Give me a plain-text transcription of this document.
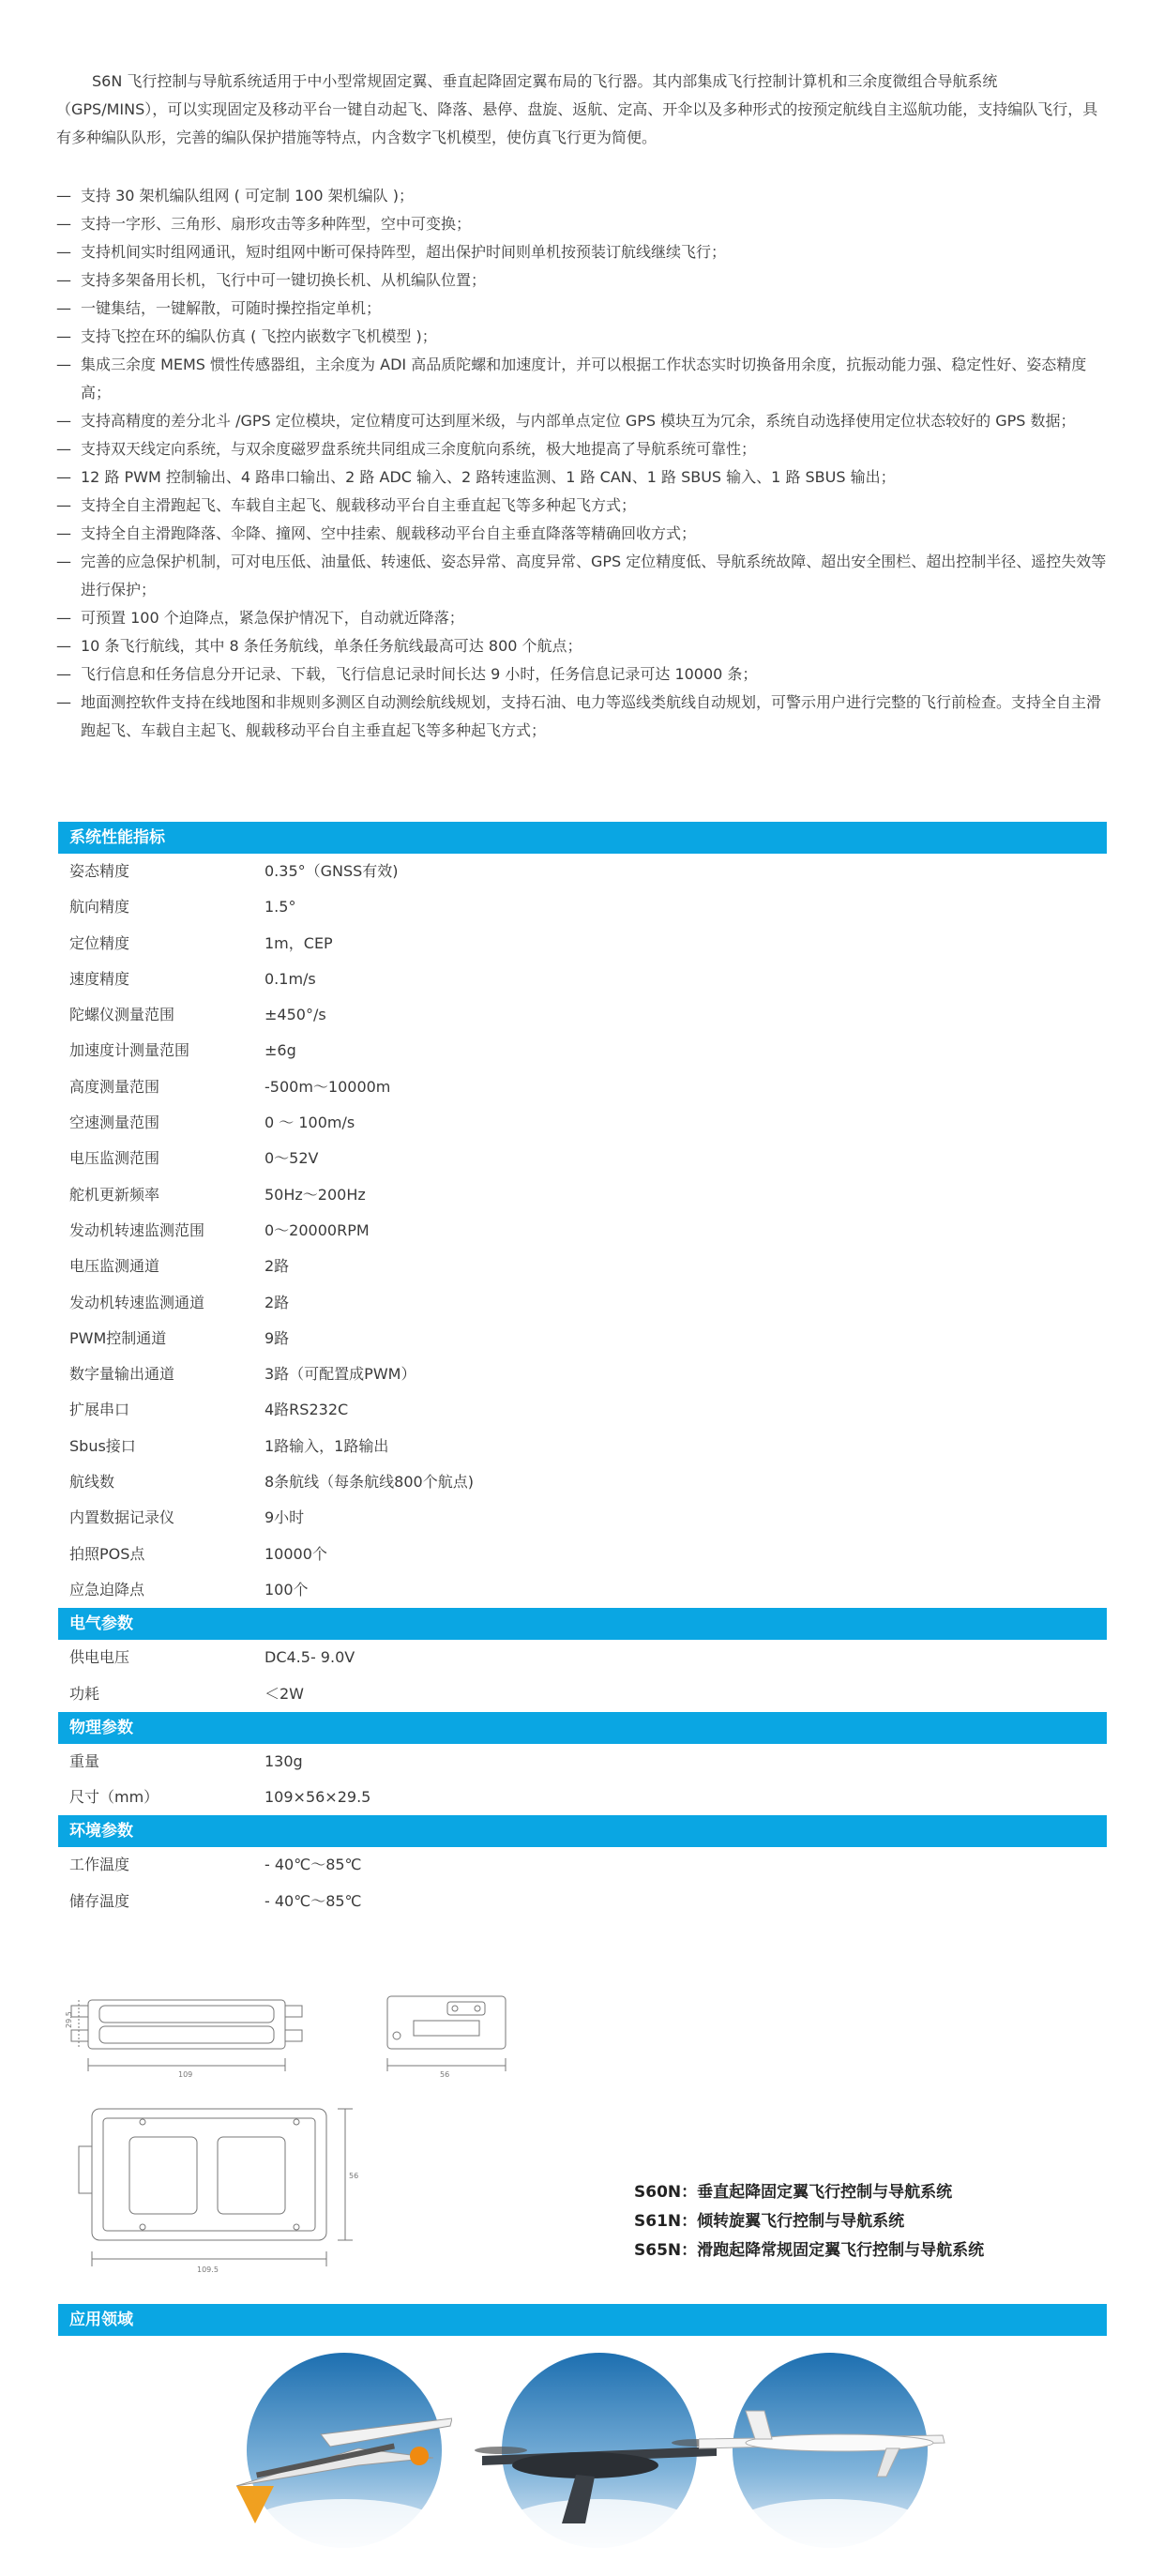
S6N 飞行控制与导航系统适用于中小型常规固定翼、垂直起降固定翼布局的飞行器。其内部集成飞行控制计算机和三余度微组合导航系统（GPS/MINS），可以实现固定及移动平台一键自动起飞、降落、悬停、盘旋、返航、定高、开伞以及多种形式的按预定航线自主巡航功能，支持编队飞行，具有多种编队队形，完善的编队保护措施等特点，内含数字飞机模型，使仿真飞行更为简便。

— 支持 30 架机编队组网 ( 可定制 100 架机编队 )；
— 支持一字形、三角形、扇形攻击等多种阵型，空中可变换；
— 支持机间实时组网通讯，短时组网中断可保持阵型，超出保护时间则单机按预装订航线继续飞行；
— 支持多架备用长机，飞行中可一键切换长机、从机编队位置；
— 一键集结，一键解散，可随时操控指定单机；
— 支持飞控在环的编队仿真 ( 飞控内嵌数字飞机模型 )；
— 集成三余度 MEMS 惯性传感器组，主余度为 ADI 高品质陀螺和加速度计，并可以根据工作状态实时切换备用余度，抗振动能力强、稳定性好、姿态精度高；
— 支持高精度的差分北斗 /GPS 定位模块，定位精度可达到厘米级，与内部单点定位 GPS 模块互为冗余，系统自动选择使用定位状态较好的 GPS 数据；
— 支持双天线定向系统，与双余度磁罗盘系统共同组成三余度航向系统，极大地提高了导航系统可靠性；
— 12 路 PWM 控制输出、4 路串口输出、2 路 ADC 输入、2 路转速监测、1 路 CAN、1 路 SBUS 输入、1 路 SBUS 输出；
— 支持全自主滑跑起飞、车载自主起飞、舰载移动平台自主垂直起飞等多种起飞方式；
— 支持全自主滑跑降落、伞降、撞网、空中挂索、舰载移动平台自主垂直降落等精确回收方式；
— 完善的应急保护机制，可对电压低、油量低、转速低、姿态异常、高度异常、GPS 定位精度低、导航系统故障、超出安全围栏、超出控制半径、遥控失效等进行保护；
— 可预置 100 个迫降点，紧急保护情况下，自动就近降落；
— 10 条飞行航线，其中 8 条任务航线，单条任务航线最高可达 800 个航点；
— 飞行信息和任务信息分开记录、下载，飞行信息记录时间长达 9 小时，任务信息记录可达 10000 条；
— 地面测控软件支持在线地图和非规则多测区自动测绘航线规划，支持石油、电力等巡线类航线自动规划，可警示用户进行完整的飞行前检查。支持全自主滑跑起飞、车载自主起飞、舰载移动平台自主垂直起飞等多种起飞方式；
系统性能指标
姿态精度	0.35°（GNSS有效)
航向精度	1.5°
定位精度	1m，CEP
速度精度	0.1m/s
陀螺仪测量范围	±450°/s
加速度计测量范围	±6g
高度测量范围	-500m～10000m
空速测量范围	0 ～ 100m/s
电压监测范围	0～52V
舵机更新频率	50Hz～200Hz
发动机转速监测范围	0～20000RPM
电压监测通道	2路
发动机转速监测通道	2路
PWM控制通道	9路
数字量输出通道	3路（可配置成PWM）
扩展串口	4路RS232C
Sbus接口	1路输入，1路输出
航线数	8条航线（每条航线800个航点)
内置数据记录仪	9小时
拍照POS点	10000个
应急迫降点	100个
电气参数
供电电压	DC4.5- 9.0V
功耗	＜2W
物理参数
重量	130g
尺寸（mm）	109×56×29.5
环境参数
工作温度	- 40℃～85℃
储存温度	- 40℃～85℃
29.5
109	56
109.5
56
S60N：垂直起降固定翼飞行控制与导航系统
S61N：倾转旋翼飞行控制与导航系统
S65N：滑跑起降常规固定翼飞行控制与导航系统
应用领域
